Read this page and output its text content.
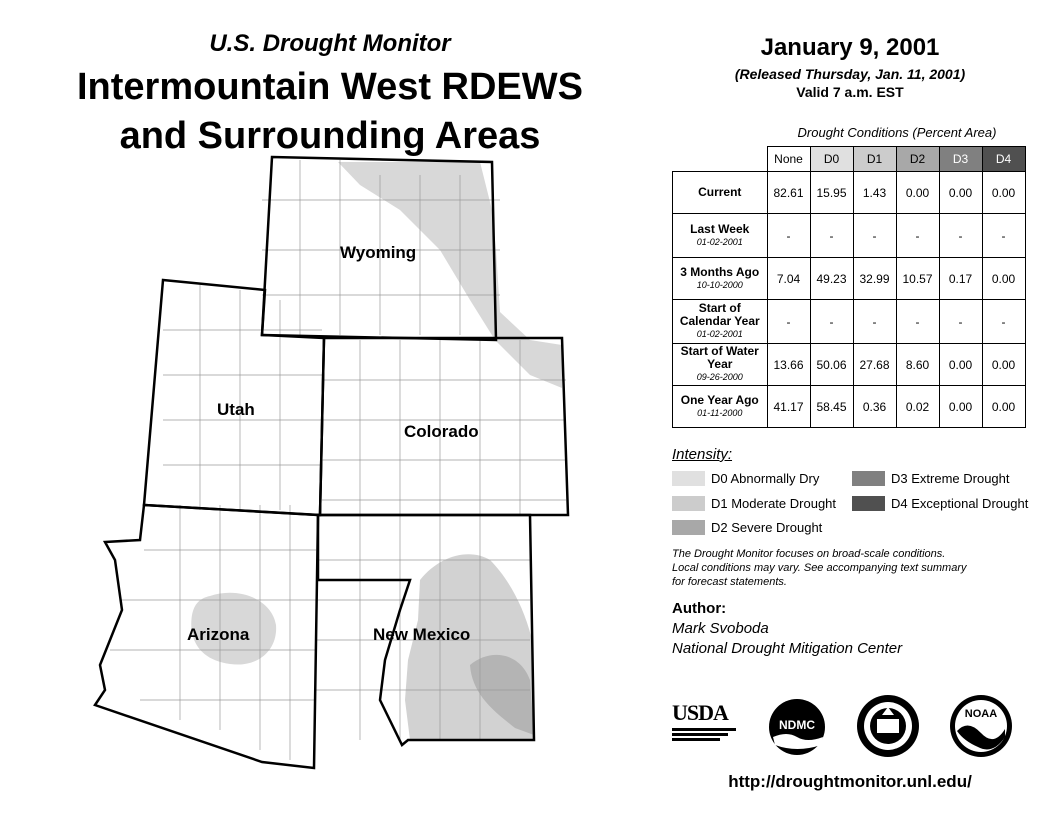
U.S. Drought Monitor
Intermountain West RDEWS
and Surrounding Areas
Wyoming
Utah
Colorado
Arizona	New Mexico
January 9, 2001
(Released Thursday, Jan. 11, 2001)
Valid 7 a.m. EST
Drought Conditions (Percent Area)
	None	D0	D1	D2	D3	D4
Current	82.61	15.95	1.43	0.00	0.00	0.00
Last Week
01-02-2001	-	-	-	-	-	-
3 Months Ago
10-10-2000	7.04	49.23	32.99	10.57	0.17	0.00
Start of Calendar Year
01-02-2001	-	-	-	-	-	-
Start of Water Year
09-26-2000	13.66	50.06	27.68	8.60	0.00	0.00
One Year Ago
01-11-2000	41.17	58.45	0.36	0.02	0.00	0.00
Intensity:
D0 Abnormally Dry
D1 Moderate Drought
D2 Severe Drought
D3 Extreme Drought
D4 Exceptional Drought
The Drought Monitor focuses on broad-scale conditions.
Local conditions may vary. See accompanying text summary
for forecast statements.
Author:
Mark Svoboda
National Drought Mitigation Center
USDA	NDMC
NOAA
http://droughtmonitor.unl.edu/
